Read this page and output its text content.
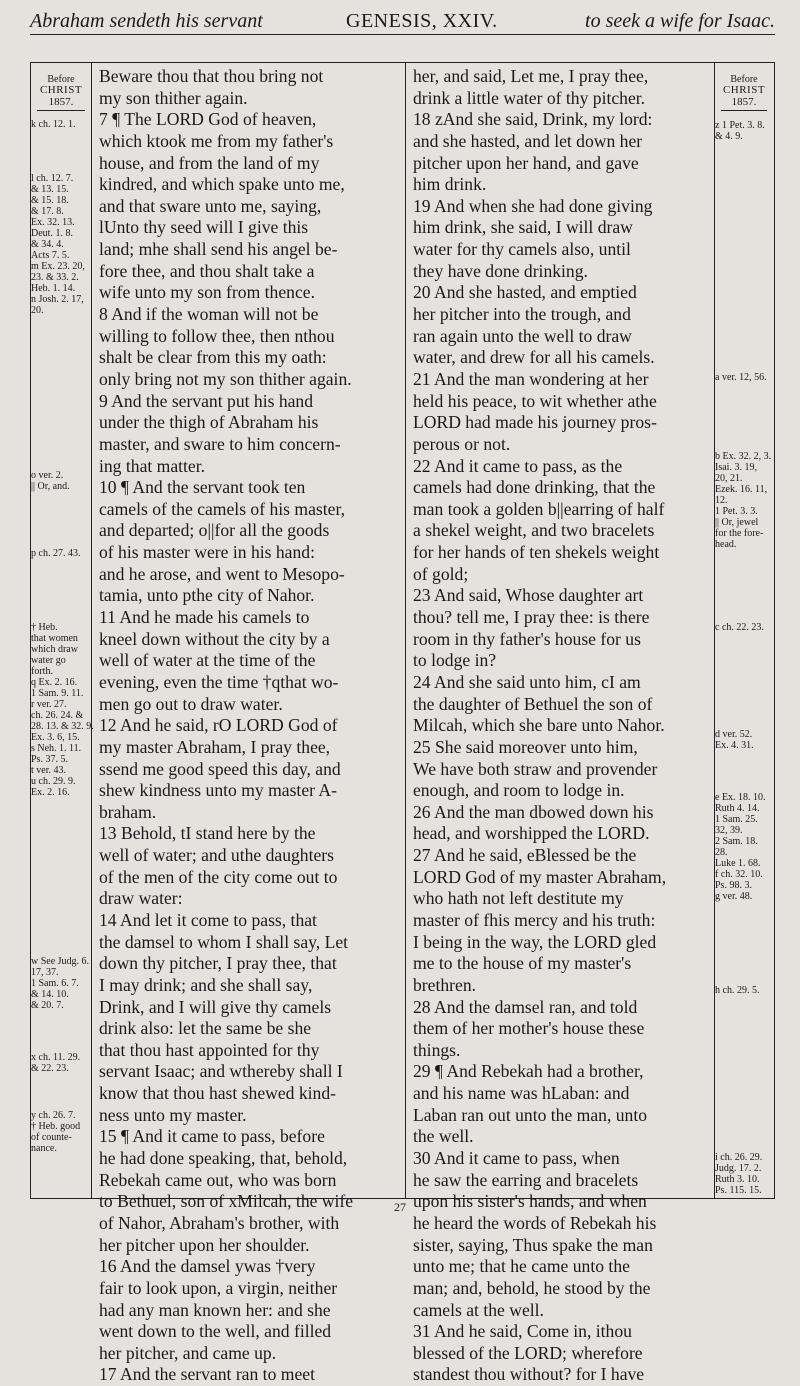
Abraham sendeth his servant	GENESIS, XXIV.	to seek a wife for Isaac.
Before
CHRIST
1857.
k ch. 12. 1.
l ch. 12. 7.
& 13. 15.
& 15. 18.
& 17. 8.
Ex. 32. 13.
Deut. 1. 8.
& 34. 4.
Acts 7. 5.
m Ex. 23. 20,
23. & 33. 2.
Heb. 1. 14.
n Josh. 2. 17,
20.
o ver. 2.
|| Or, and.
p ch. 27. 43.
† Heb.
that women
which draw
water go
forth.
q Ex. 2. 16.
1 Sam. 9. 11.
r ver. 27.
ch. 26. 24. &
28. 13. & 32. 9.
Ex. 3. 6, 15.
s Neh. 1. 11.
Ps. 37. 5.
t ver. 43.
u ch. 29. 9.
Ex. 2. 16.
w See Judg. 6.
17, 37.
1 Sam. 6. 7.
& 14. 10.
& 20. 7.
x ch. 11. 29.
& 22. 23.
y ch. 26. 7.
† Heb. good
of counte-
nance.
Beware thou that thou bring not
my son thither again.
7 ¶ The LORD God of heaven,
which ktook me from my father's
house, and from the land of my
kindred, and which spake unto me,
and that sware unto me, saying,
lUnto thy seed will I give this
land; mhe shall send his angel be-
fore thee, and thou shalt take a
wife unto my son from thence.
8 And if the woman will not be
willing to follow thee, then nthou
shalt be clear from this my oath:
only bring not my son thither again.
9 And the servant put his hand
under the thigh of Abraham his
master, and sware to him concern-
ing that matter.
10 ¶ And the servant took ten
camels of the camels of his master,
and departed; o||for all the goods
of his master were in his hand:
and he arose, and went to Mesopo-
tamia, unto pthe city of Nahor.
11 And he made his camels to
kneel down without the city by a
well of water at the time of the
evening, even the time †qthat wo-
men go out to draw water.
12 And he said, rO LORD God of
my master Abraham, I pray thee,
ssend me good speed this day, and
shew kindness unto my master A-
braham.
13 Behold, tI stand here by the
well of water; and uthe daughters
of the men of the city come out to
draw water:
14 And let it come to pass, that
the damsel to whom I shall say, Let
down thy pitcher, I pray thee, that
I may drink; and she shall say,
Drink, and I will give thy camels
drink also: let the same be she
that thou hast appointed for thy
servant Isaac; and wthereby shall I
know that thou hast shewed kind-
ness unto my master.
15 ¶ And it came to pass, before
he had done speaking, that, behold,
Rebekah came out, who was born
to Bethuel, son of xMilcah, the wife
of Nahor, Abraham's brother, with
her pitcher upon her shoulder.
16 And the damsel ywas †very
fair to look upon, a virgin, neither
had any man known her: and she
went down to the well, and filled
her pitcher, and came up.
17 And the servant ran to meet
her, and said, Let me, I pray thee,
drink a little water of thy pitcher.
18 zAnd she said, Drink, my lord:
and she hasted, and let down her
pitcher upon her hand, and gave
him drink.
19 And when she had done giving
him drink, she said, I will draw
water for thy camels also, until
they have done drinking.
20 And she hasted, and emptied
her pitcher into the trough, and
ran again unto the well to draw
water, and drew for all his camels.
21 And the man wondering at her
held his peace, to wit whether athe
LORD had made his journey pros-
perous or not.
22 And it came to pass, as the
camels had done drinking, that the
man took a golden b||earring of half
a shekel weight, and two bracelets
for her hands of ten shekels weight
of gold;
23 And said, Whose daughter art
thou? tell me, I pray thee: is there
room in thy father's house for us
to lodge in?
24 And she said unto him, cI am
the daughter of Bethuel the son of
Milcah, which she bare unto Nahor.
25 She said moreover unto him,
We have both straw and provender
enough, and room to lodge in.
26 And the man dbowed down his
head, and worshipped the LORD.
27 And he said, eBlessed be the
LORD God of my master Abraham,
who hath not left destitute my
master of fhis mercy and his truth:
I being in the way, the LORD gled
me to the house of my master's
brethren.
28 And the damsel ran, and told
them of her mother's house these
things.
29 ¶ And Rebekah had a brother,
and his name was hLaban: and
Laban ran out unto the man, unto
the well.
30 And it came to pass, when
he saw the earring and bracelets
upon his sister's hands, and when
he heard the words of Rebekah his
sister, saying, Thus spake the man
unto me; that he came unto the
man; and, behold, he stood by the
camels at the well.
31 And he said, Come in, ithou
blessed of the LORD; wherefore
standest thou without? for I have
Before
CHRIST
1857.
z 1 Pet. 3. 8.
& 4. 9.
a ver. 12, 56.
b Ex. 32. 2, 3.
Isai. 3. 19,
20, 21.
Ezek. 16. 11,
12.
1 Pet. 3. 3.
|| Or, jewel
for the fore-
head.
c ch. 22. 23.
d ver. 52.
Ex. 4. 31.
e Ex. 18. 10.
Ruth 4. 14.
1 Sam. 25.
32, 39.
2 Sam. 18.
28.
Luke 1. 68.
f ch. 32. 10.
Ps. 98. 3.
g ver. 48.
h ch. 29. 5.
i ch. 26. 29.
Judg. 17. 2.
Ruth 3. 10.
Ps. 115. 15.
27
